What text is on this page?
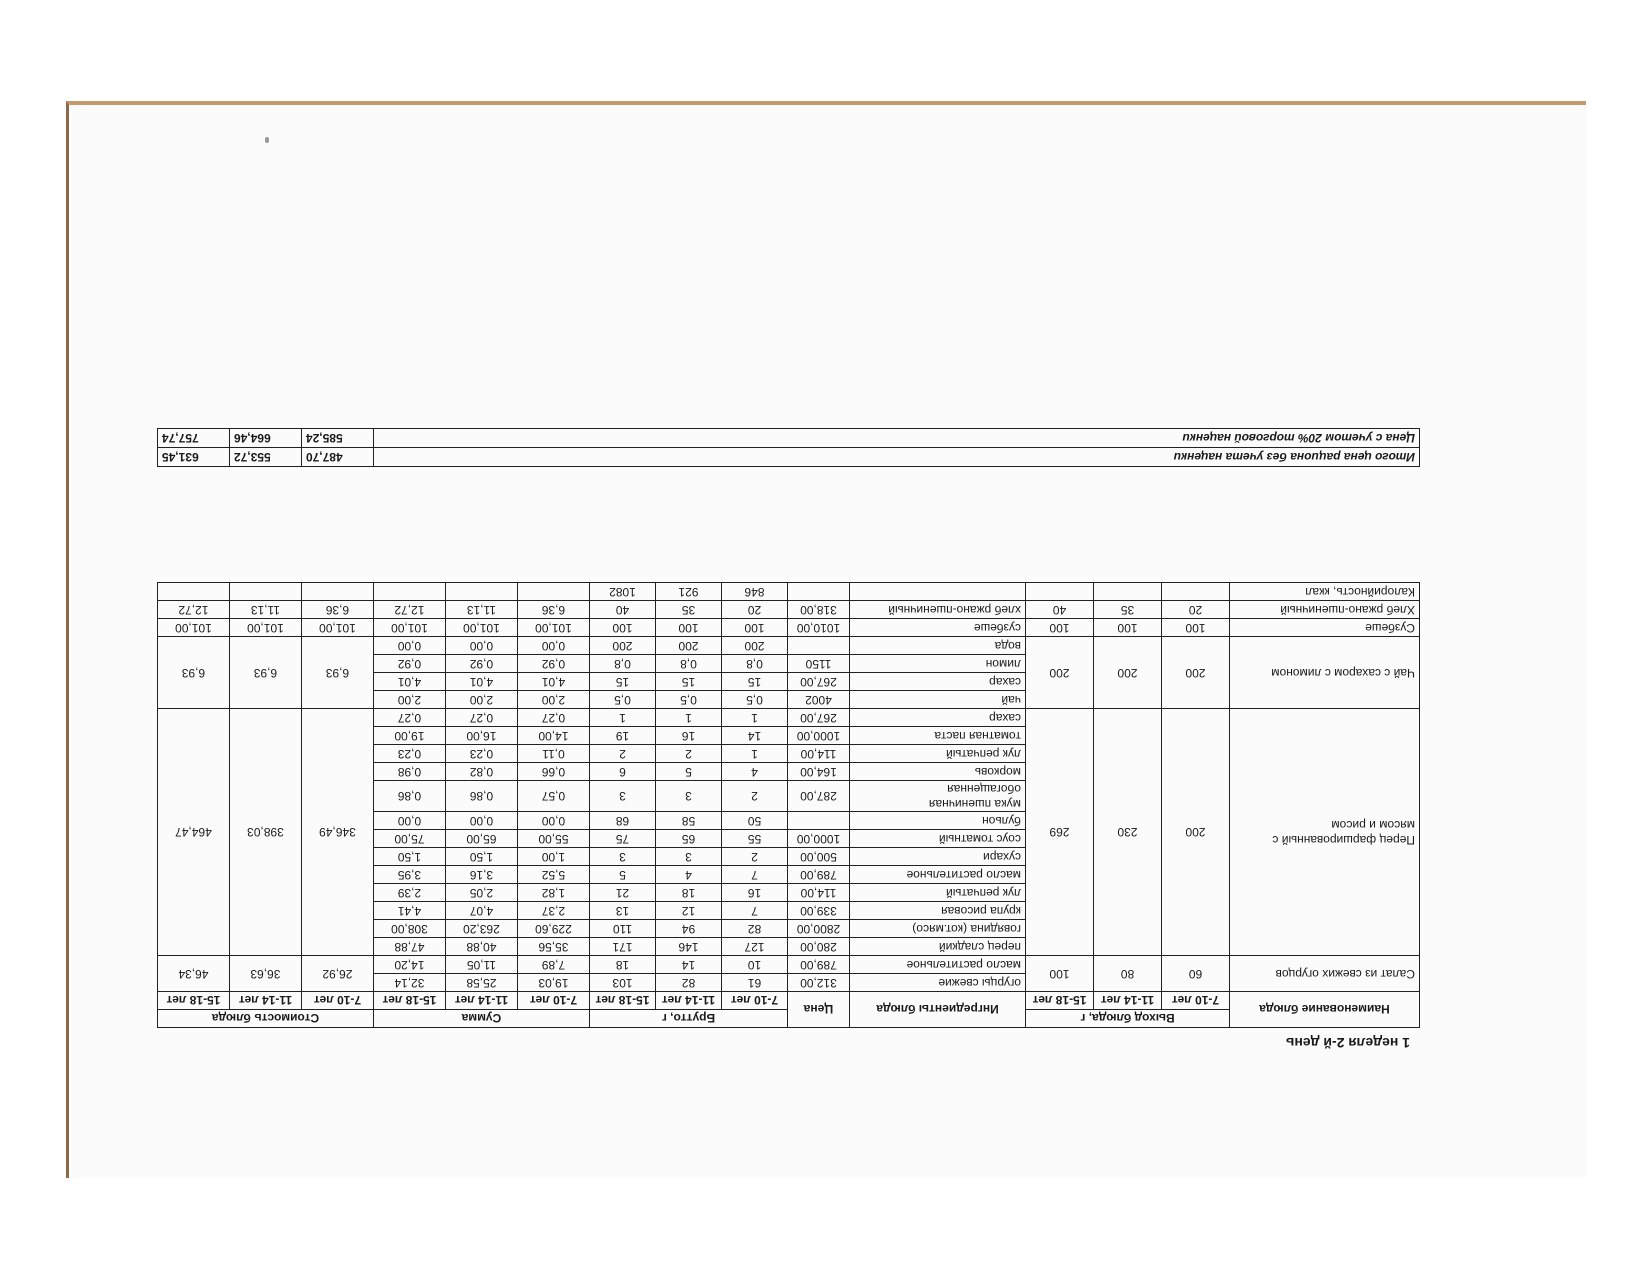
1 неделя 2-й день
Наименование блюда	Выход блюда, г			Ингредиенты блюда	Цена	Брутто, г			Сумма			Стоимость блюда		
	7-10 лет	11-14 лет	15-18 лет			7-10 лет	11-14 лет	15-18 лет	7-10 лет	11-14 лет	15-18 лет	7-10 лет	11-14 лет	15-18 лет
Салат из свежих огурцов	60	80	100	огурцы свежие	312,00	61	82	103	19,03	25,58	32,14	26,92	36,63	46,34
				масло растительное	789,00	10	14	18	7,89	11,05	14,20			
Перец фаршированный с мясом и рисом	200	230	269	перец сладкий	280,00	127	146	171	35,56	40,88	47,88	346,49	398,03	464,47
				говядина (кот.мясо)	2800,00	82	94	110	229,60	263,20	308,00			
				крупа рисовая	339,00	7	12	13	2,37	4,07	4,41			
				лук репчатый	114,00	16	18	21	1,82	2,05	2,39			
				масло растительное	789,00	7	4	5	5,52	3,16	3,95			
				сухари	500,00	2	3	3	1,00	1,50	1,50			
				соус томатный	1000,00	55	65	75	55,00	65,00	75,00			
				бульон		50	58	68	0,00	0,00	0,00			
				мука пшеничная обогащенная	287,00	2	3	3	0,57	0,86	0,86			
				морковь	164,00	4	5	6	0,66	0,82	0,98			
				лук репчатый	114,00	1	2	2	0,11	0,23	0,23			
				томатная паста	1000,00	14	16	19	14,00	16,00	19,00			
				сахар	267,00	1	1	1	0,27	0,27	0,27			
Чай с сахаром с лимоном	200	200	200	чай	4002	0,5	0,5	0,5	2,00	2,00	2,00	6,93	6,93	6,93
				сахар	267,00	15	15	15	4,01	4,01	4,01			
				лимон	1150	0,8	0,8	0,8	0,92	0,92	0,92			
				вода		200	200	200	0,00	0,00	0,00			
Сузбеше	100	100	100	сузбеше	1010,00	100	100	100	101,00	101,00	101,00	101,00	101,00	101,00
Хлеб ржано-пшеничный	20	35	40	хлеб ржано-пшеничный	318,00	20	35	40	6,36	11,13	12,72	6,36	11,13	12,72
Калорийность, ккал						846	921	1082						
Итого цена рациона без учета наценки	487,70	553,72	631,45
Цена с учетом 20% торговой наценки	585,24	664,46	757,74
